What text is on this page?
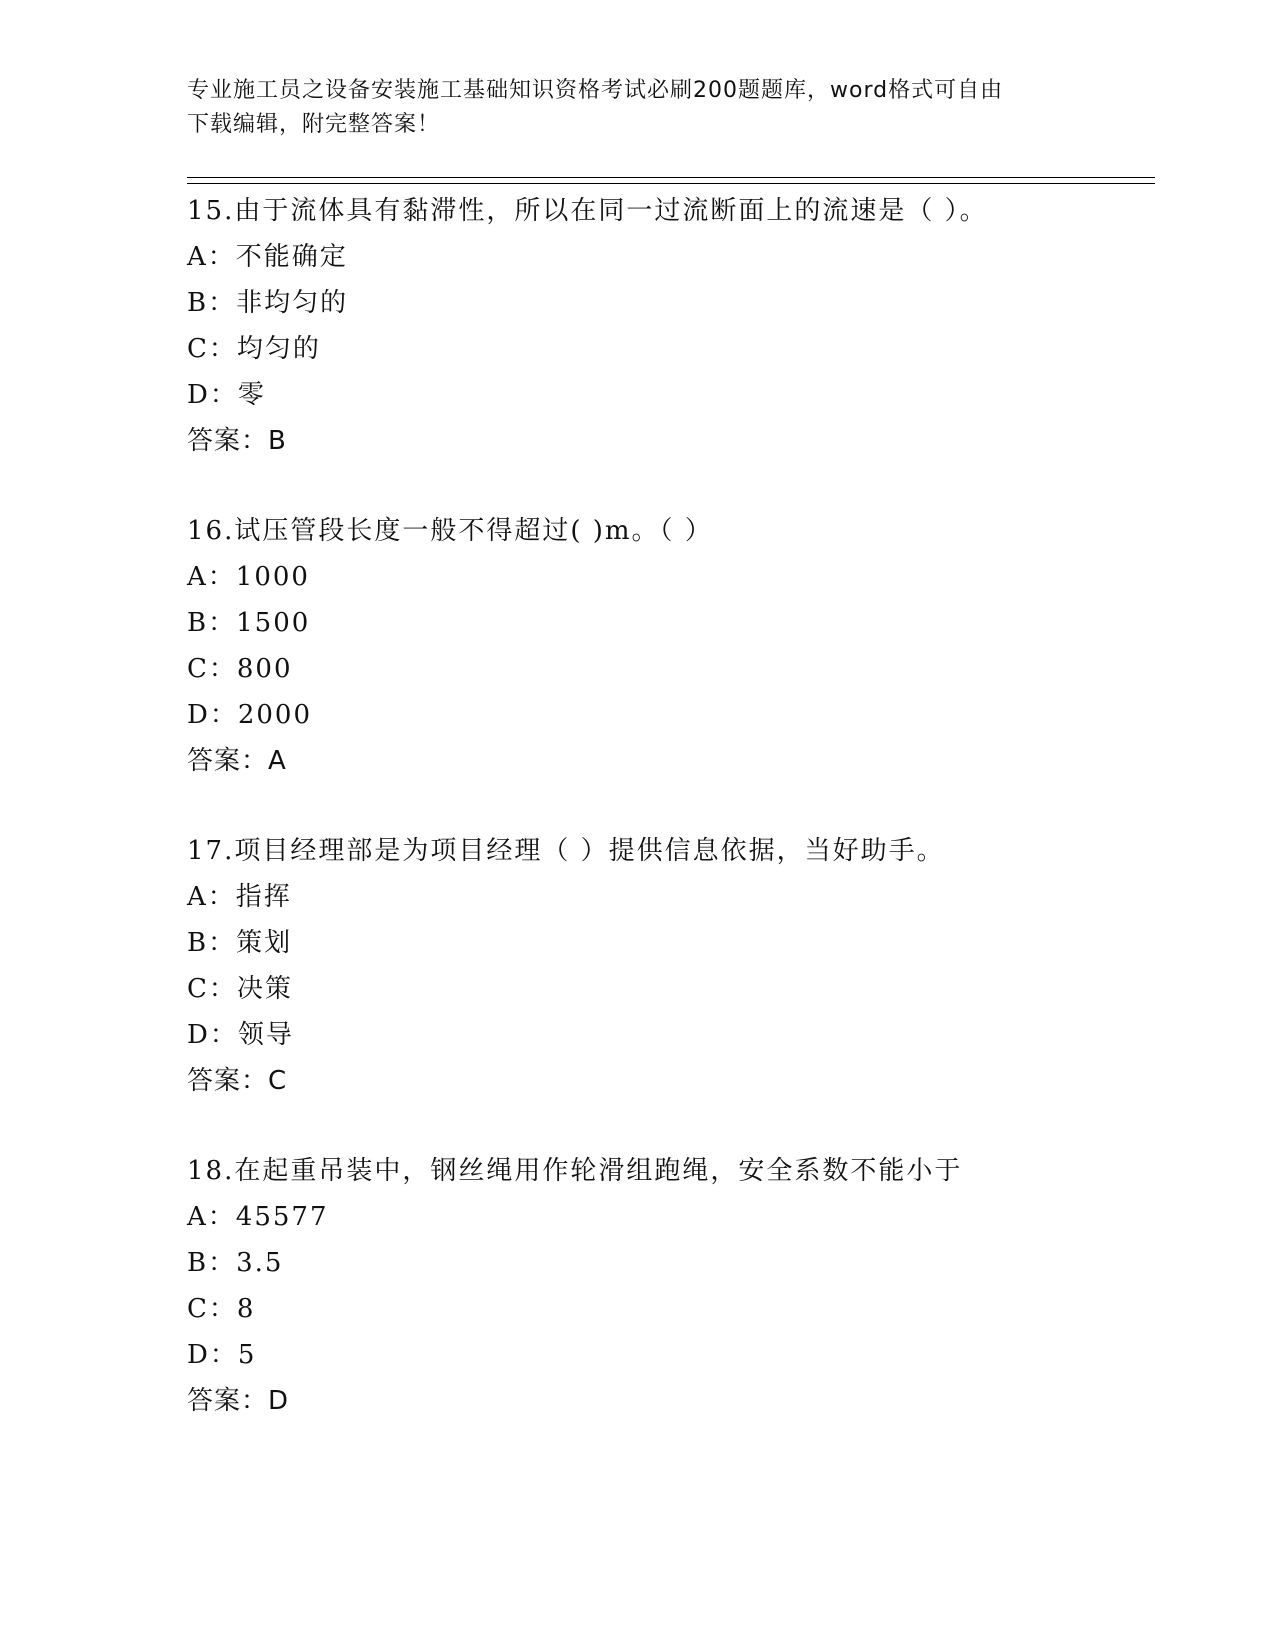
专业施工员之设备安装施工基础知识资格考试必刷200题题库，word格式可自由
下载编辑，附完整答案！
15.由于流体具有黏滞性，所以在同一过流断面上的流速是（ ）。
A：不能确定
B：非均匀的
C：均匀的
D：零
答案：B
16.试压管段长度一般不得超过( )m。（ ）
A：1000
B：1500
C：800
D：2000
答案：A
17.项目经理部是为项目经理（ ）提供信息依据，当好助手。
A：指挥
B：策划
C：决策
D：领导
答案：C
18.在起重吊装中，钢丝绳用作轮滑组跑绳，安全系数不能小于
A：45577
B：3.5
C：8
D：5
答案：D
